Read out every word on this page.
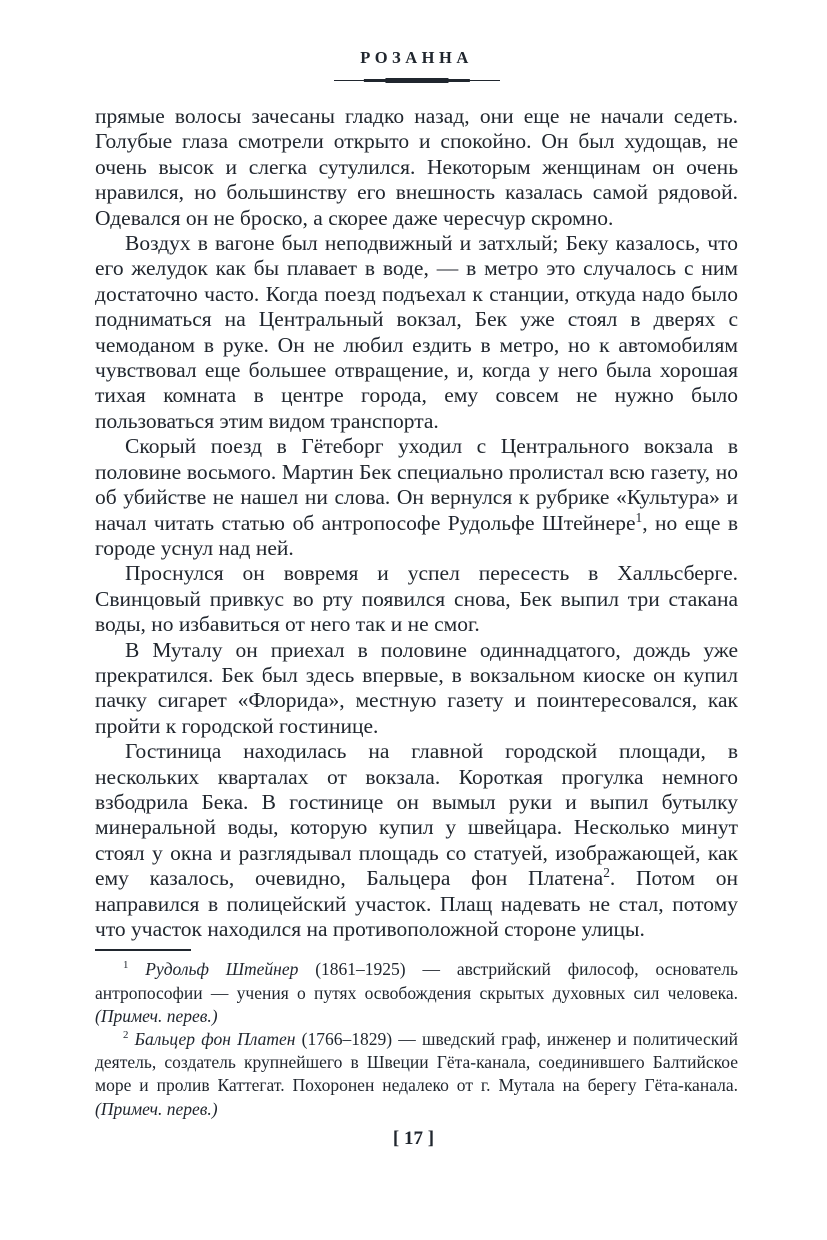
РОЗАННА

прямые волосы зачесаны гладко назад, они еще не начали седеть. Голубые глаза смотрели открыто и спокойно. Он был худощав, не очень высок и слегка сутулился. Некоторым женщинам он очень нравился, но большинству его внешность казалась самой рядовой. Одевался он не броско, а скорее даже чересчур скромно.

Воздух в вагоне был неподвижный и затхлый; Беку казалось, что его желудок как бы плавает в воде, — в метро это случалось с ним достаточно часто. Когда поезд подъехал к станции, откуда надо было подниматься на Центральный вокзал, Бек уже стоял в дверях с чемоданом в руке. Он не любил ездить в метро, но к автомобилям чувствовал еще большее отвращение, и, когда у него была хорошая тихая комната в центре города, ему совсем не нужно было пользоваться этим видом транспорта.

Скорый поезд в Гётеборг уходил с Центрального вокзала в половине восьмого. Мартин Бек специально пролистал всю газету, но об убийстве не нашел ни слова. Он вернулся к рубрике «Культура» и начал читать статью об антропософе Рудольфе Штейнере$^1$, но еще в городе уснул над ней.

Проснулся он вовремя и успел пересесть в Халльсберге. Свинцовый привкус во рту появился снова, Бек выпил три стакана воды, но избавиться от него так и не смог.

В Муталу он приехал в половине одиннадцатого, дождь уже прекратился. Бек был здесь впервые, в вокзальном киоске он купил пачку сигарет «Флорида», местную газету и поинтересовался, как пройти к городской гостинице.

Гостиница находилась на главной городской площади, в нескольких кварталах от вокзала. Короткая прогулка немного взбодрила Бека. В гостинице он вымыл руки и выпил бутылку минеральной воды, которую купил у швейцара. Несколько минут стоял у окна и разглядывал площадь со статуей, изображающей, как ему казалось, очевидно, Бальцера фон Платена$^2$. Потом он направился в полицейский участок. Плащ надевать не стал, потому что участок находился на противоположной стороне улицы.

$^1$ Рудольф Штейнер (1861–1925) — австрийский философ, основатель антропософии — учения о путях освобождения скрытых духовных сил человека. (Примеч. перев.)

$^2$ Бальцер фон Платен (1766–1829) — шведский граф, инженер и политический деятель, создатель крупнейшего в Швеции Гёта-канала, соединившего Балтийское море и пролив Каттегат. Похоронен недалеко от г. Мутала на берегу Гёта-канала. (Примеч. перев.)

[ 17 ]
